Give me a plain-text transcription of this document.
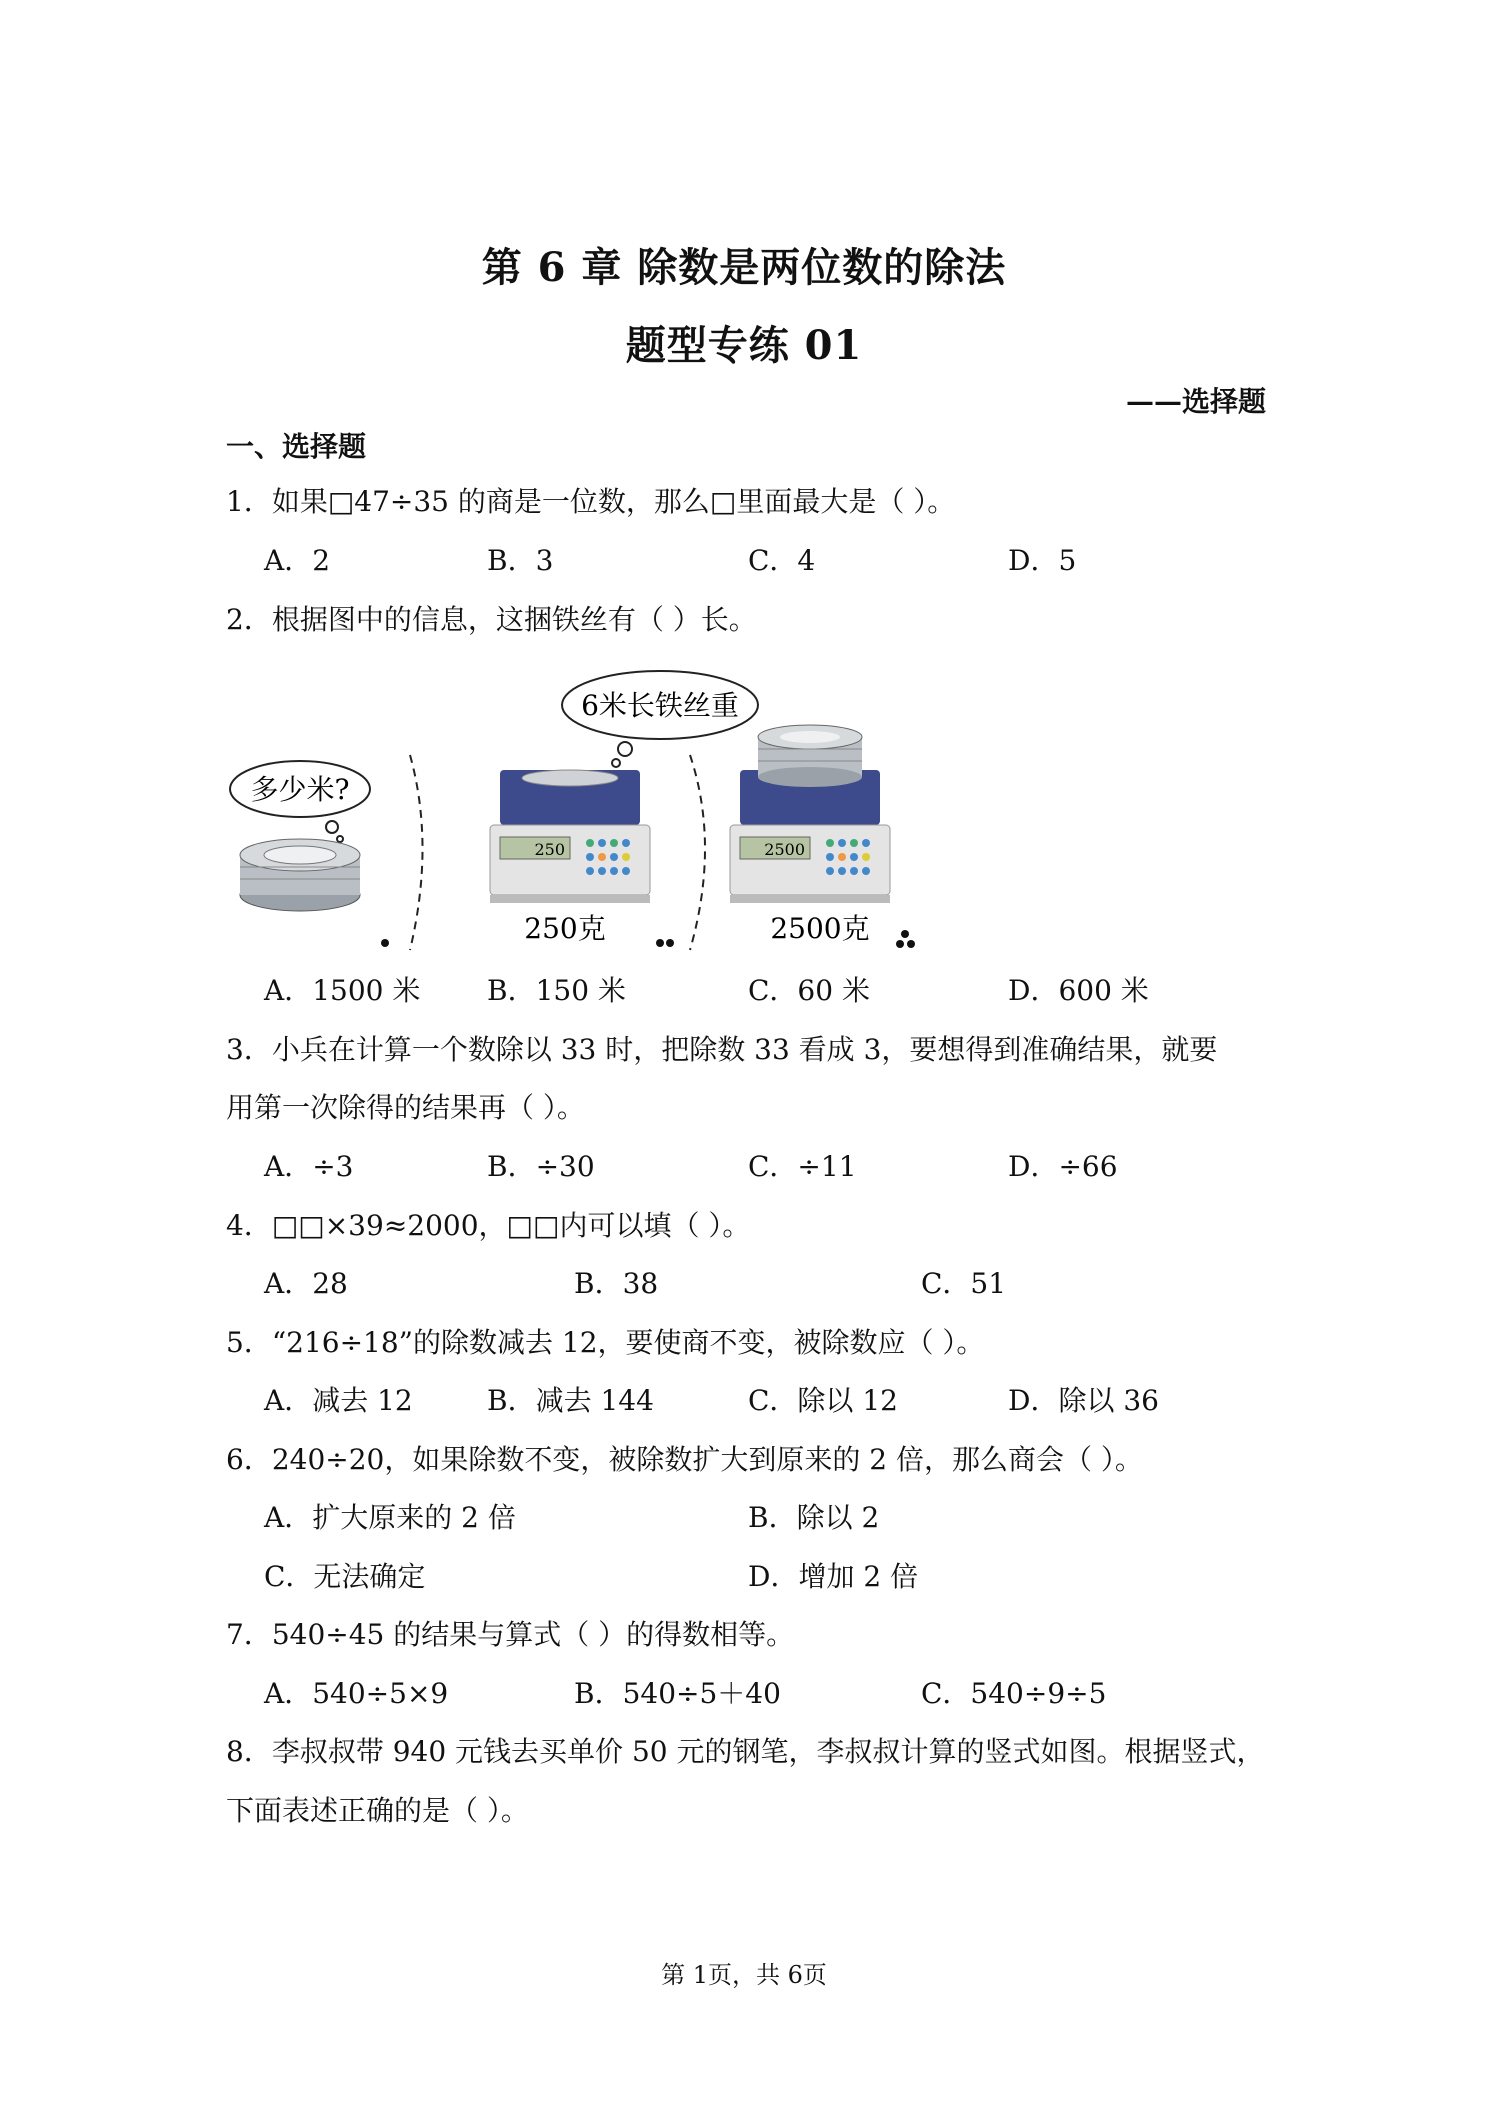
第 6 章 除数是两位数的除法
题型专练 01
——选择题
一、选择题
1．如果□47÷35 的商是一位数，那么□里面最大是（ ）。
A．2	B．3	C．4	D．5
2．根据图中的信息，这捆铁丝有（ ）长。
多少米?
6米长铁丝重
250
250克
2500
2500克
A．1500 米 B．150 米	C．60 米	D．600 米
3．小兵在计算一个数除以 33 时，把除数 33 看成 3，要想得到准确结果，就要
用第一次除得的结果再（ ）。
A．÷3	B．÷30	C．÷11	D．÷66
4．□□×39≈2000，□□内可以填（ ）。
A．28	B．38	C．51
5．“216÷18”的除数减去 12，要使商不变，被除数应（ ）。
A．减去 12	B．减去 144	C．除以 12	D．除以 36
6．240÷20，如果除数不变，被除数扩大到原来的 2 倍，那么商会（ ）。
A．扩大原来的 2 倍	B．除以 2
C．无法确定	D．增加 2 倍
7．540÷45 的结果与算式（ ）的得数相等。
A．540÷5×9	B．540÷5＋40	C．540÷9÷5
8．李叔叔带 940 元钱去买单价 50 元的钢笔，李叔叔计算的竖式如图。根据竖式，
下面表述正确的是（ ）。
第 1页，共 6页
